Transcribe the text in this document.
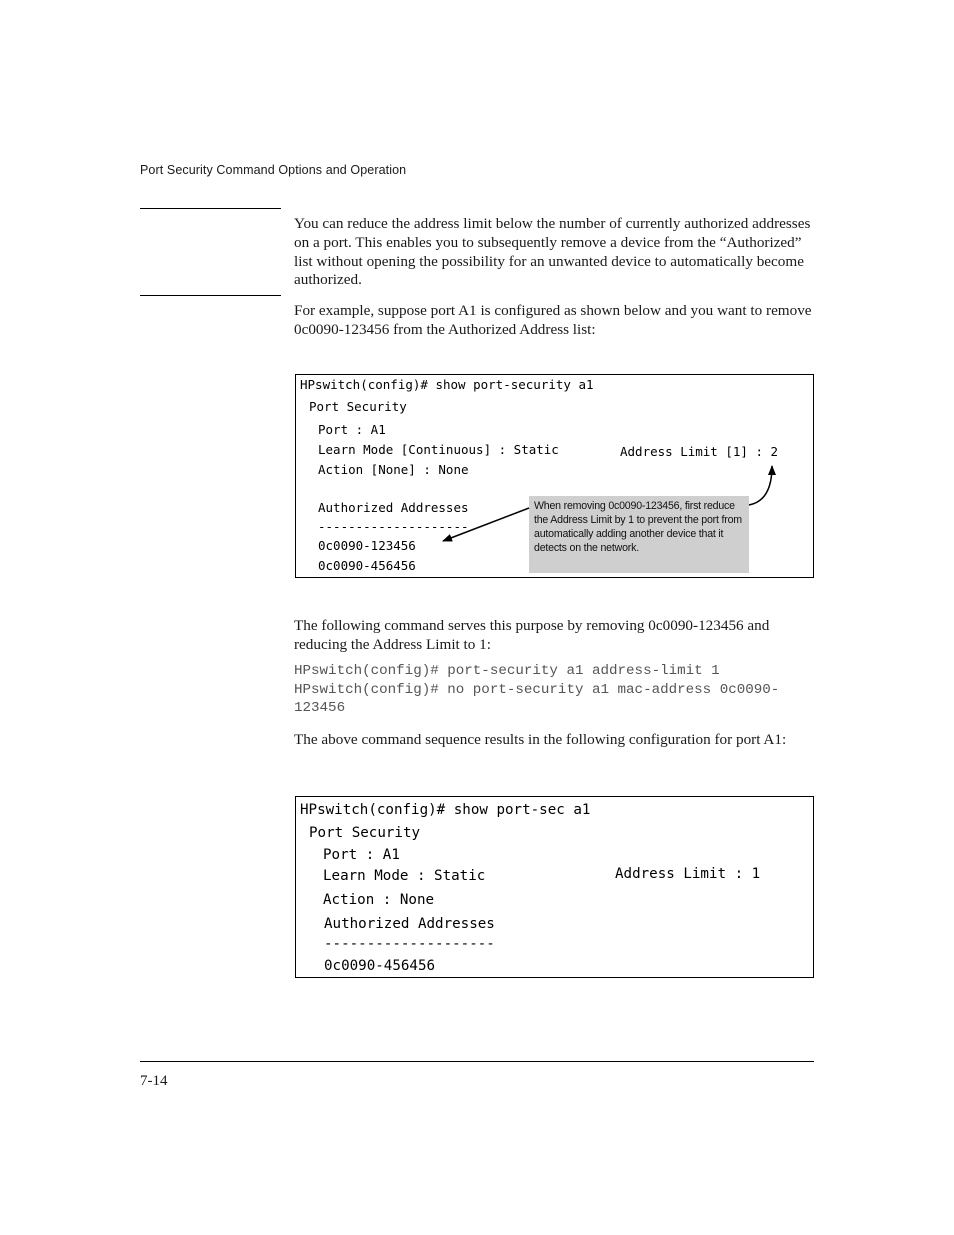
Port Security Command Options and Operation
You can reduce the address limit below the number of currently authorized addresses on a port. This enables you to subsequently remove a device from the “Authorized” list without opening the possibility for an unwanted device to automatically become authorized.
For example, suppose port A1 is configured as shown below and you want to remove 0c0090-123456 from the Authorized Address list:
HPswitch(config)# show port-security a1
Port Security
Port : A1
Learn Mode [Continuous] : Static
Action [None] : None
Address Limit [1] : 2
Authorized Addresses
--------------------
0c0090-123456
0c0090-456456
When removing 0c0090-123456, first reduce the Address Limit by 1 to prevent the port from automatically adding another device that it detects on the network.
The following command serves this purpose by removing 0c0090-123456 and reducing the Address Limit to 1:
HPswitch(config)# port-security a1 address-limit 1
HPswitch(config)# no port-security a1 mac-address 0c0090-
123456
The above command sequence results in the following configuration for port A1:
HPswitch(config)# show port-sec a1
Port Security
Port : A1
Learn Mode : Static	Address Limit : 1
Action : None
Authorized Addresses
--------------------
0c0090-456456
7-14
